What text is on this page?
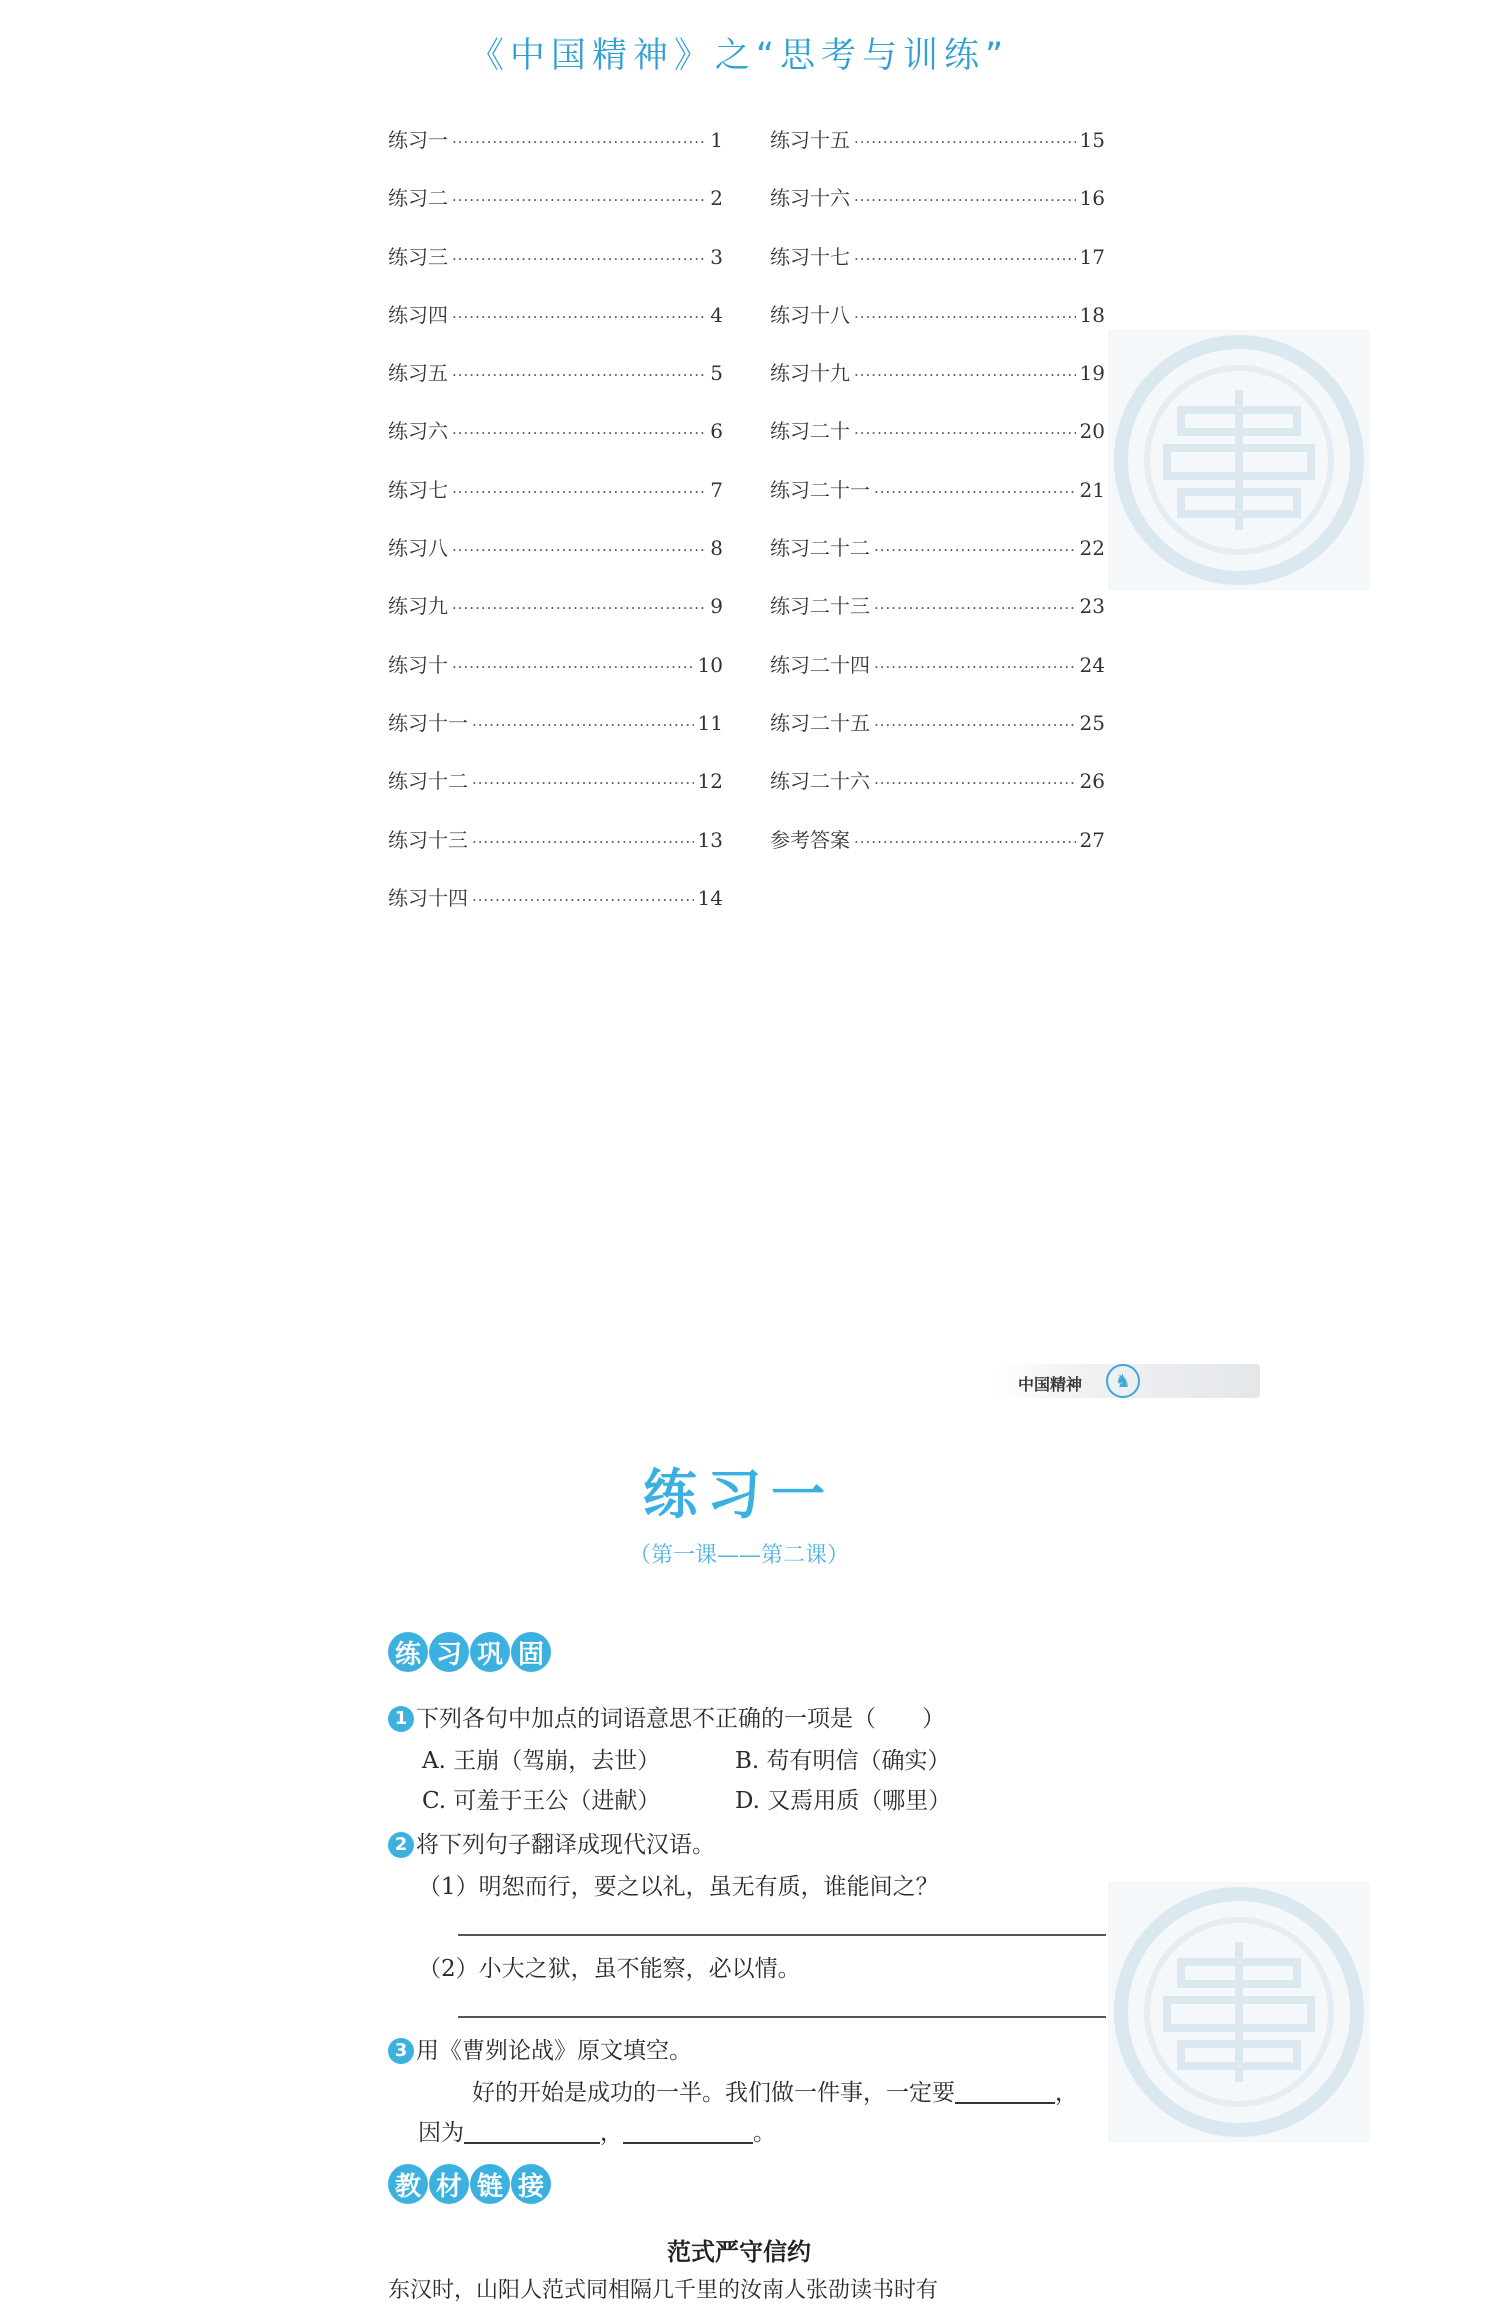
《中国精神》之“思考与训练”
练习一 ·····	1
练习二 ·····	2
练习三 ·····	3
练习四 ·····	4
练习五 ·····	5
练习六 ·····	6
练习七 ·····	7
练习八 ·····	8
练习九 ·····	9
练习十 ·····	10
练习十一 ·····	11
练习十二 ·····	12
练习十三 ·····	13
练习十四 ·····	14
练习十五 ·····	15
练习十六 ·····	16
练习十七 ·····	17
练习十八 ·····	18
练习十九 ·····	19
练习二十 ·····	20
练习二十一 ·····	21
练习二十二 ·····	22
练习二十三 ·····	23
练习二十四 ·····	24
练习二十五 ·····	25
练习二十六 ·····	26
参考答案 ·····	27
中国精神	♞
练习一
（第一课——第二课）
练 习 巩 固
1 下列各句中加点的词语意思不正确的一项是（　　）
A. 王崩（驾崩，去世）	B. 苟有明信（确实）
C. 可羞于王公（进献）	D. 又焉用质（哪里）
2 将下列句子翻译成现代汉语。
（1）明恕而行，要之以礼，虽无有质，谁能间之？
（2）小大之狱，虽不能察，必以情。
3 用《曹刿论战》原文填空。
好的开始是成功的一半。我们做一件事，一定要	，
因为	，	。
教 材 链 接
范式严守信约
东汉时，山阳人范式同相隔几千里的汝南人张劭读书时有
